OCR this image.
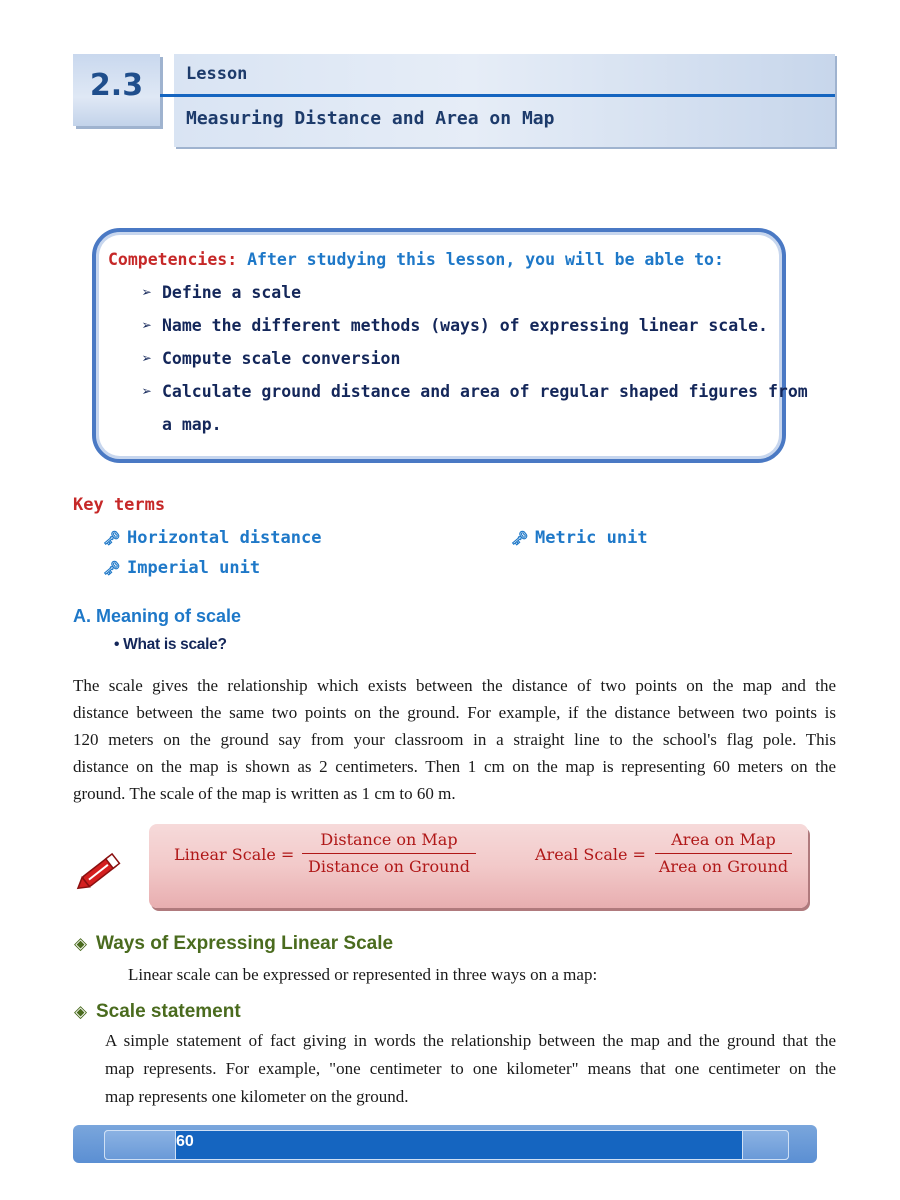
2.3	Lesson
Measuring Distance and Area on Map
Competencies: After studying this lesson, you will be able to:
➢ Define a scale
➢ Name the different methods (ways) of expressing linear scale.
➢ Compute scale conversion
➢ Calculate ground distance and area of regular shaped figures from
a map.
Key terms
🗝 Horizontal distance	🗝 Metric unit
🗝 Imperial unit
A. Meaning of scale
• What is scale?
The scale gives the relationship which exists between the distance of two points on the map and the
distance between the same two points on the ground. For example, if the distance between two points is
120 meters on the ground say from your classroom in a straight line to the school's flag pole. This
distance on the map is shown as 2 centimeters. Then 1 cm on the map is representing 60 meters on the
ground. The scale of the map is written as 1 cm to 60 m.
Linear Scale =
Distance on Map
Distance on Ground
Areal Scale =
Area on Map
Area on Ground
◈ Ways of Expressing Linear Scale
Linear scale can be expressed or represented in three ways on a map:
◈ Scale statement
A simple statement of fact giving in words the relationship between the map and the ground that the
map represents. For example, "one centimeter to one kilometer" means that one centimeter on the
map represents one kilometer on the ground.
60
